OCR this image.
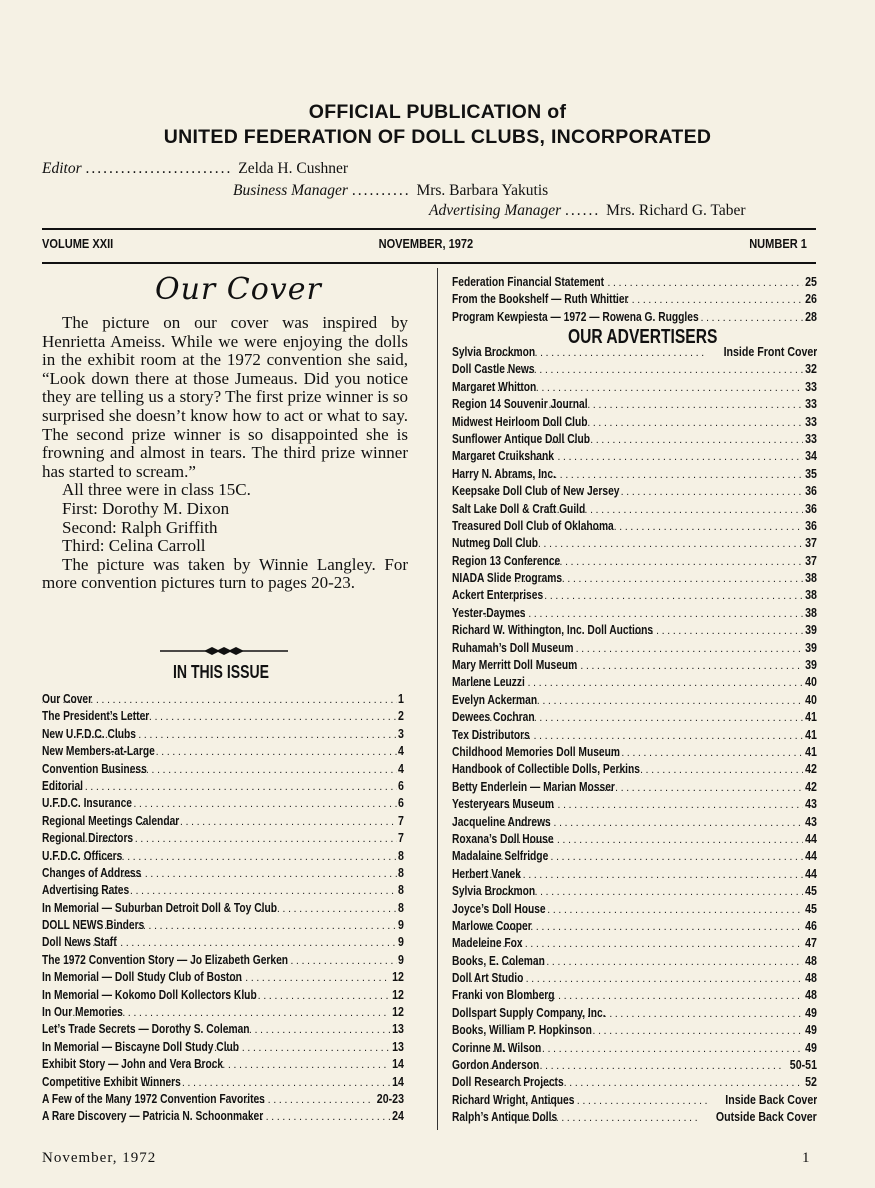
OFFICIAL PUBLICATION of
UNITED FEDERATION OF DOLL CLUBS, INCORPORATED
Editor ......................... Zelda H. Cushner
Business Manager .......... Mrs. Barbara Yakutis
Advertising Manager ...... Mrs. Richard G. Taber
VOLUME XXII	NOVEMBER, 1972	NUMBER 1
Our Cover

The picture on our cover was inspired by Henrietta Ameiss. While we were enjoying the dolls in the exhibit room at the 1972 convention she said, “Look down there at those Jumeaus. Did you notice they are telling us a story? The first prize winner is so surprised she doesn’t know how to act or what to say. The second prize winner is so disappointed she is frowning and almost in tears. The third prize winner has started to scream.”

All three were in class 15C.

First: Dorothy M. Dixon

Second: Ralph Griffith

Third: Celina Carroll

The picture was taken by Winnie Langley. For more convention pictures turn to pages 20-23.

IN THIS ISSUE
Our Cover .....	1
The President’s Letter .....	2
New U.F.D.C. Clubs .....	3
New Members-at-Large .....	4
Convention Business .....	4
Editorial .....	6
U.F.D.C. Insurance .....	6
Regional Meetings Calendar .....	7
Regional Directors .....	7
U.F.D.C. Officers .....	8
Changes of Address .....	8
Advertising Rates .....	8
In Memorial — Suburban Detroit Doll & Toy Club .....	8
DOLL NEWS Binders .....	9
Doll News Staff .....	9
The 1972 Convention Story — Jo Elizabeth Gerken .....	9
In Memorial — Doll Study Club of Boston .....	12
In Memorial — Kokomo Doll Kollectors Klub .....	12
In Our Memories .....	12
Let’s Trade Secrets — Dorothy S. Coleman .....	13
In Memorial — Biscayne Doll Study Club .....	13
Exhibit Story — John and Vera Brock .....	14
Competitive Exhibit Winners .....	14
A Few of the Many 1972 Convention Favorites .....	20-23
A Rare Discovery — Patricia N. Schoonmaker .....	24
Federation Financial Statement .....	25
From the Bookshelf — Ruth Whittier .....	26
Program Kewpiesta — 1972 — Rowena G. Ruggles .....	28
OUR ADVERTISERS
Sylvia Brockmon .....	Inside Front Cover
Doll Castle News .....	32
Margaret Whitton .....	33
Region 14 Souvenir Journal .....	33
Midwest Heirloom Doll Club .....	33
Sunflower Antique Doll Club .....	33
Margaret Cruikshank .....	34
Harry N. Abrams, Inc. .....	35
Keepsake Doll Club of New Jersey .....	36
Salt Lake Doll & Craft Guild .....	36
Treasured Doll Club of Oklahoma .....	36
Nutmeg Doll Club .....	37
Region 13 Conference .....	37
NIADA Slide Programs .....	38
Ackert Enterprises .....	38
Yester-Daymes .....	38
Richard W. Withington, Inc. Doll Auctions .....	39
Ruhamah’s Doll Museum .....	39
Mary Merritt Doll Museum .....	39
Marlene Leuzzi .....	40
Evelyn Ackerman .....	40
Dewees Cochran .....	41
Tex Distributors .....	41
Childhood Memories Doll Museum .....	41
Handbook of Collectible Dolls, Perkins .....	42
Betty Enderlein — Marian Mosser .....	42
Yesteryears Museum .....	43
Jacqueline Andrews .....	43
Roxana’s Doll House .....	44
Madalaine Selfridge .....	44
Herbert Vanek .....	44
Sylvia Brockmon .....	45
Joyce’s Doll House .....	45
Marlowe Cooper .....	46
Madeleine Fox .....	47
Books, E. Coleman .....	48
Doll Art Studio .....	48
Franki von Blomberg .....	48
Dollspart Supply Company, Inc. .....	49
Books, William P. Hopkinson .....	49
Corinne M. Wilson .....	49
Gordon Anderson .....	50-51
Doll Research Projects .....	52
Richard Wright, Antiques .....	Inside Back Cover
Ralph’s Antique Dolls .....	Outside Back Cover
November, 1972	1
